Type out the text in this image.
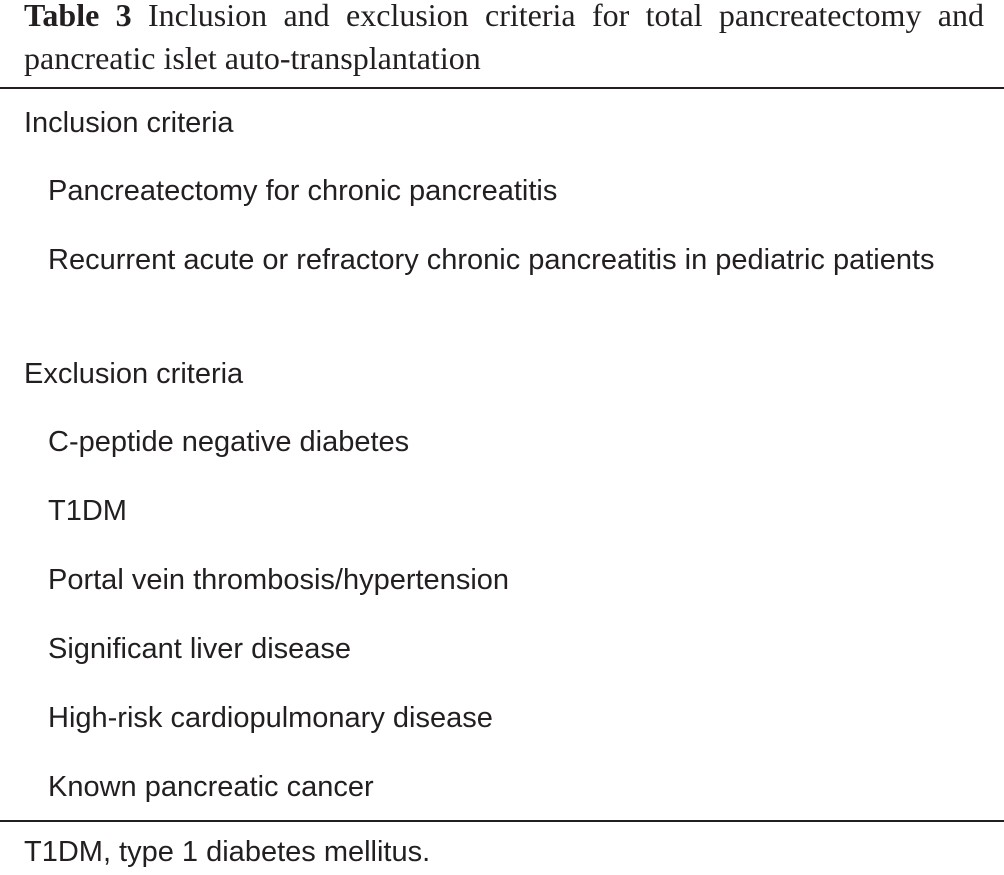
Table 3 Inclusion and exclusion criteria for total pancreatectomy and pancreatic islet auto-transplantation
Inclusion criteria
Pancreatectomy for chronic pancreatitis
Recurrent acute or refractory chronic pancreatitis in pediatric patients
Exclusion criteria
C-peptide negative diabetes
T1DM
Portal vein thrombosis/hypertension
Significant liver disease
High-risk cardiopulmonary disease
Known pancreatic cancer
T1DM, type 1 diabetes mellitus.
